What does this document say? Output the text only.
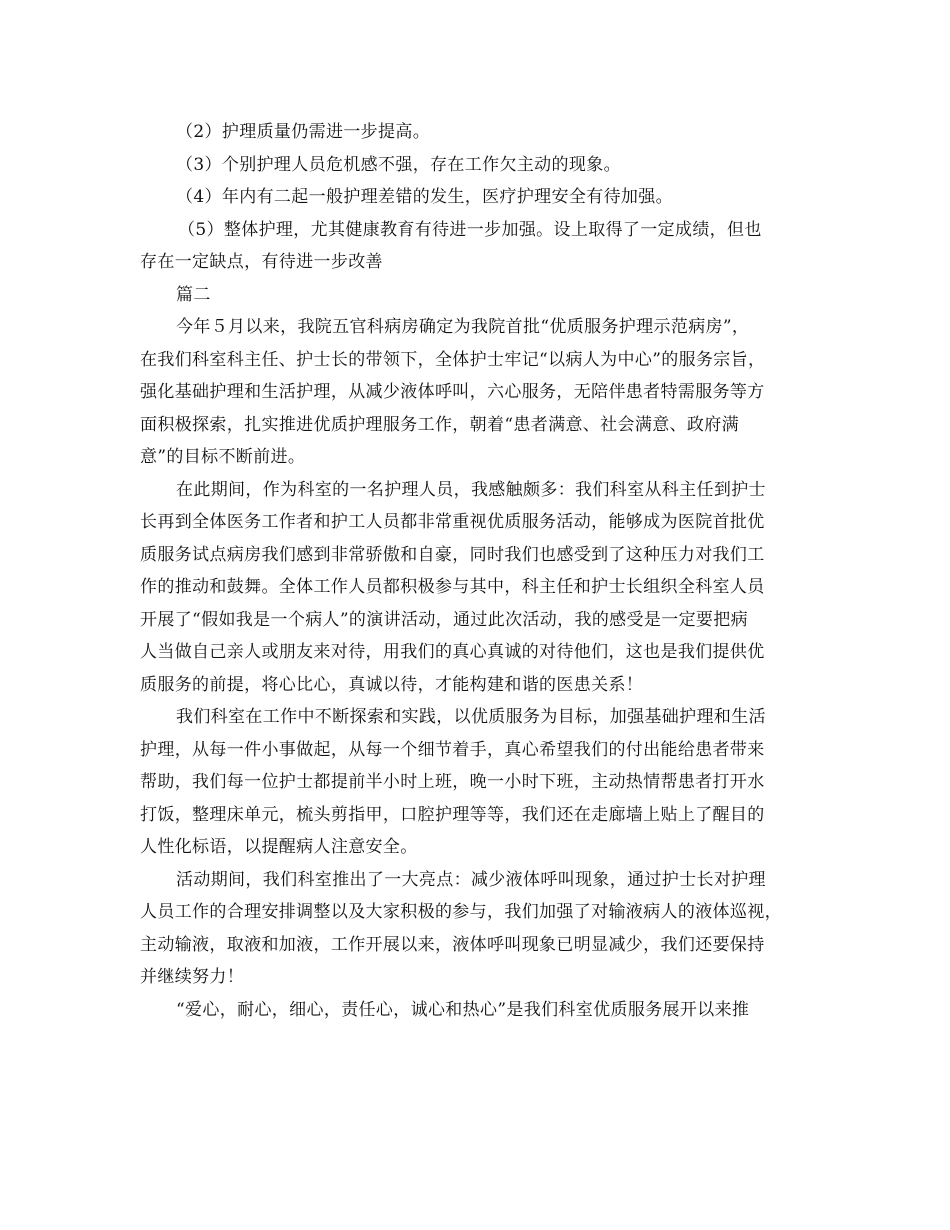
（2）护理质量仍需进一步提高。

（3）个别护理人员危机感不强，存在工作欠主动的现象。

（4）年内有二起一般护理差错的发生，医疗护理安全有待加强。

（5）整体护理，尤其健康教育有待进一步加强。设上取得了一定成绩，但也

存在一定缺点，有待进一步改善

篇二

今年５月以来，我院五官科病房确定为我院首批“优质服务护理示范病房”，

在我们科室科主任、护士长的带领下，全体护士牢记“以病人为中心”的服务宗旨，

强化基础护理和生活护理，从减少液体呼叫，六心服务，无陪伴患者特需服务等方

面积极探索，扎实推进优质护理服务工作，朝着“患者满意、社会满意、政府满

意”的目标不断前进。

在此期间，作为科室的一名护理人员，我感触颇多：我们科室从科主任到护士

长再到全体医务工作者和护工人员都非常重视优质服务活动，能够成为医院首批优

质服务试点病房我们感到非常骄傲和自豪，同时我们也感受到了这种压力对我们工

作的推动和鼓舞。全体工作人员都积极参与其中，科主任和护士长组织全科室人员

开展了“假如我是一个病人”的演讲活动，通过此次活动，我的感受是一定要把病

人当做自己亲人或朋友来对待，用我们的真心真诚的对待他们，这也是我们提供优

质服务的前提，将心比心，真诚以待，才能构建和谐的医患关系！

我们科室在工作中不断探索和实践，以优质服务为目标，加强基础护理和生活

护理，从每一件小事做起，从每一个细节着手，真心希望我们的付出能给患者带来

帮助，我们每一位护士都提前半小时上班，晚一小时下班，主动热情帮患者打开水

打饭，整理床单元，梳头剪指甲，口腔护理等等，我们还在走廊墙上贴上了醒目的

人性化标语，以提醒病人注意安全。

活动期间，我们科室推出了一大亮点：减少液体呼叫现象，通过护士长对护理

人员工作的合理安排调整以及大家积极的参与，我们加强了对输液病人的液体巡视，

主动输液，取液和加液，工作开展以来，液体呼叫现象已明显减少，我们还要保持

并继续努力！

“爱心，耐心，细心，责任心，诚心和热心”是我们科室优质服务展开以来推
